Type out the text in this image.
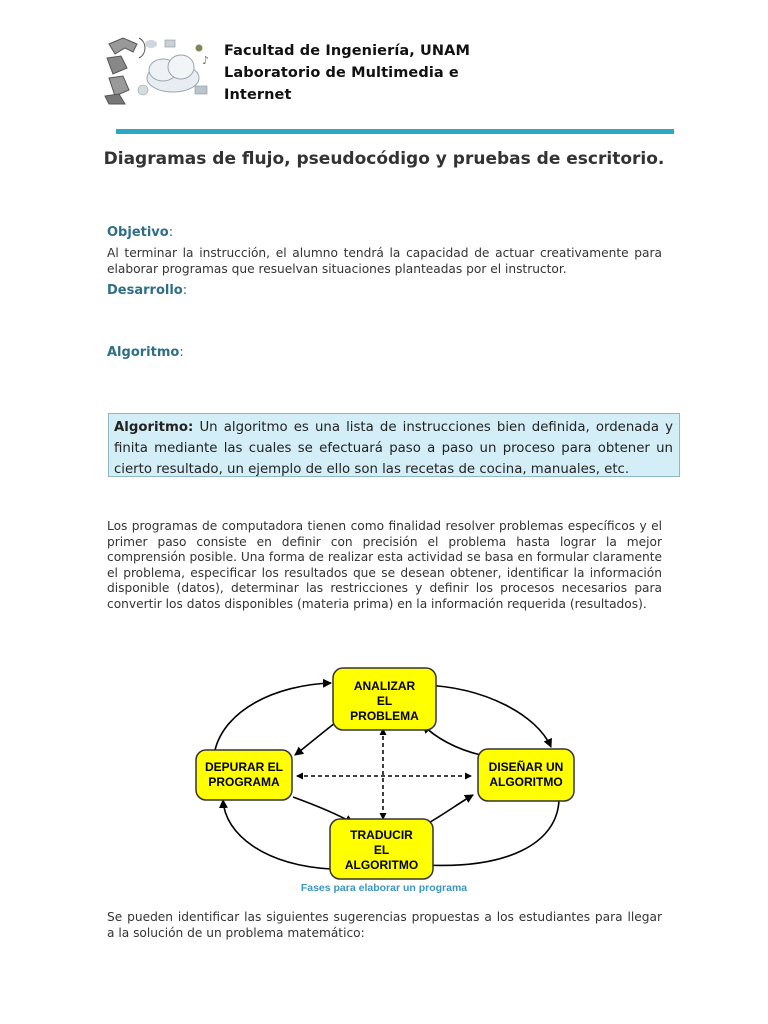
♪
Facultad de Ingeniería, UNAM
Laboratorio de Multimedia e
Internet
Diagramas de flujo, pseudocódigo y pruebas de escritorio.
Objetivo:
Al terminar la instrucción, el alumno tendrá la capacidad de actuar creativamente para elaborar programas que resuelvan situaciones planteadas por el instructor.
Desarrollo:
Algoritmo:
Algoritmo: Un algoritmo es una lista de instrucciones bien definida, ordenada y finita mediante las cuales se efectuará paso a paso un proceso para obtener un cierto resultado, un ejemplo de ello son las recetas de cocina, manuales, etc.
Los programas de computadora tienen como finalidad resolver problemas específicos y el primer paso consiste en definir con precisión el problema hasta lograr la mejor comprensión posible. Una forma de realizar esta actividad se basa en formular claramente el problema, especificar los resultados que se desean obtener, identificar la información disponible (datos), determinar las restricciones y definir los procesos necesarios para convertir los datos disponibles (materia prima) en la información requerida (resultados).
ANALIZAR
EL
PROBLEMA
DISEÑAR UN
ALGORITMO
TRADUCIR
EL
ALGORITMO
DEPURAR EL
PROGRAMA
Fases para elaborar un programa
Se pueden identificar las siguientes sugerencias propuestas a los estudiantes para llegar a la solución de un problema matemático:
